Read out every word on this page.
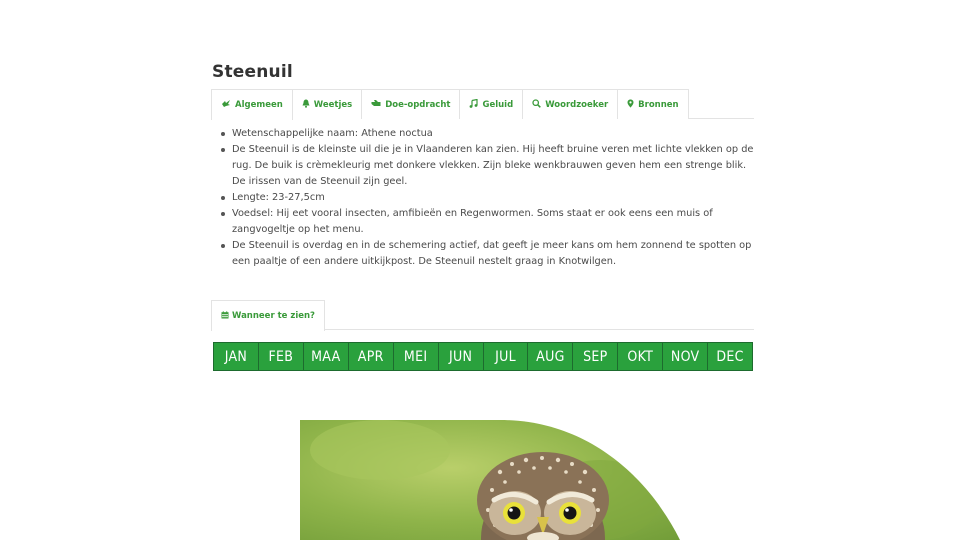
Steenuil
Algemeen	Weetjes	Doe-opdracht	Geluid	Woordzoeker	Bronnen
Wetenschappelijke naam: Athene noctua
De Steenuil is de kleinste uil die je in Vlaanderen kan zien. Hij heeft bruine veren met lichte vlekken op de rug. De buik is crèmekleurig met donkere vlekken. Zijn bleke wenkbrauwen geven hem een strenge blik. De irissen van de Steenuil zijn geel.
Lengte: 23-27,5cm
Voedsel: Hij eet vooral insecten, amfibieën en Regenwormen. Soms staat er ook eens een muis of zangvogeltje op het menu.
De Steenuil is overdag en in de schemering actief, dat geeft je meer kans om hem zonnend te spotten op een paaltje of een andere uitkijkpost. De Steenuil nestelt graag in Knotwilgen.
Wanneer te zien?
JAN	FEB	MAA	APR	MEI	JUN	JUL	AUG	SEP	OKT	NOV	DEC
